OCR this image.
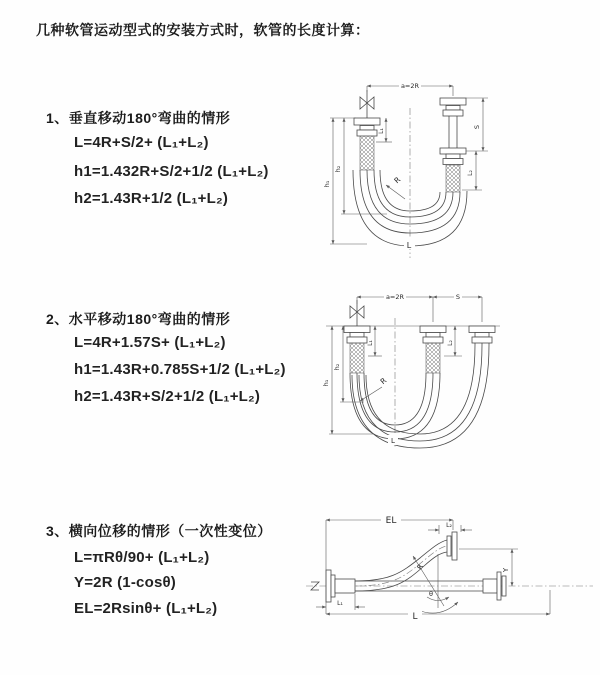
几种软管运动型式的安装方式时，软管的长度计算：
1、垂直移动180°弯曲的情形
L=4R+S/2+ (L₁+L₂)
h1=1.432R+S/2+1/2 (L₁+L₂)
h2=1.43R+1/2 (L₁+L₂)
2、水平移动180°弯曲的情形
L=4R+1.57S+ (L₁+L₂)
h1=1.43R+0.785S+1/2 (L₁+L₂)
h2=1.43R+S/2+1/2 (L₁+L₂)
3、横向位移的情形（一次性变位）
L=πRθ/90+ (L₁+L₂)
Y=2R (1-cosθ)
EL=2Rsinθ+ (L₁+L₂)
a=2R
h₁
h₂
L₁
S
L₂
R
L
a=2R	S
h₁
h₂
L₁	L₂
R
L
EL	L₂
Y
R
θ
L₁
L
